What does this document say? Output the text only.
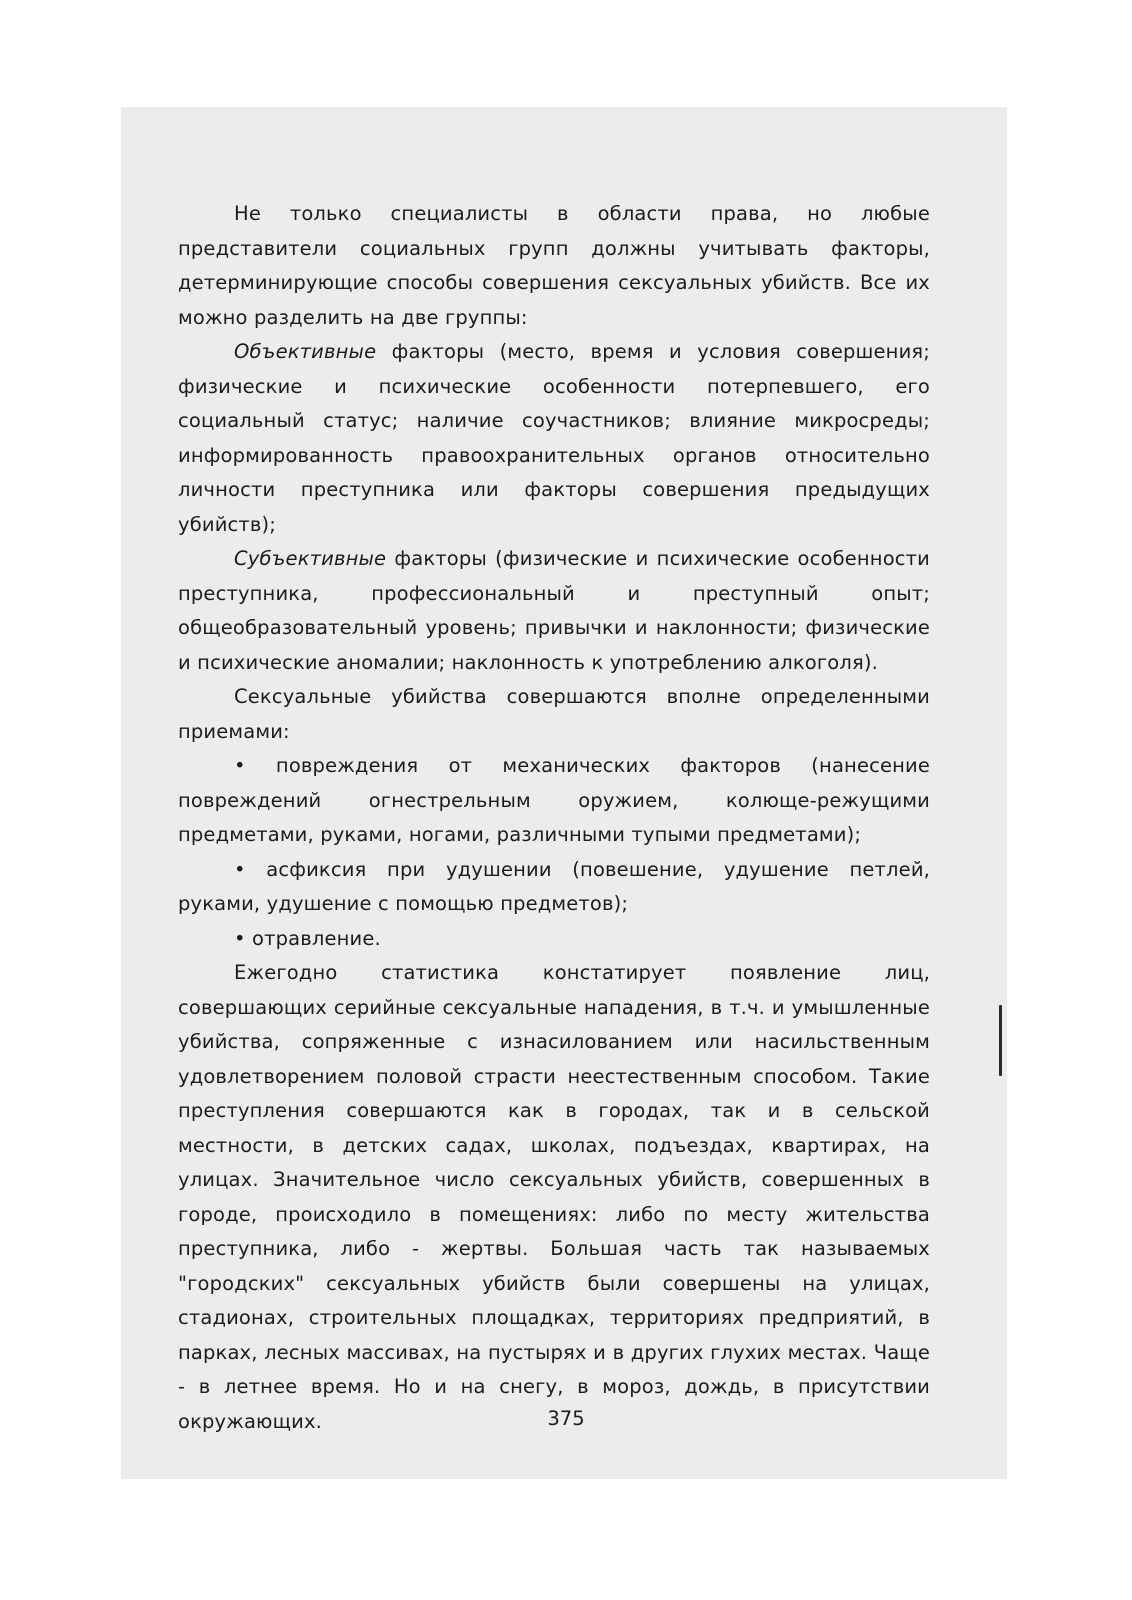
Не только специалисты в области права, но любые представители социальных групп должны учитывать факторы, детерминирующие способы совершения сексуальных убийств. Все их можно разделить на две группы:

Объективные факторы (место, время и условия совершения; физические и психические особенности потерпевшего, его социальный статус; наличие соучастников; влияние микросреды; информированность правоохранительных органов относительно личности преступника или факторы совершения предыдущих убийств);

Субъективные факторы (физические и психические особенности преступника, профессиональный и преступный опыт; общеобразовательный уровень; привычки и наклонности; физические и психические аномалии; наклонность к употреблению алкоголя).

Сексуальные убийства совершаются вполне определенными приемами:

• повреждения от механических факторов (нанесение повреждений огнестрельным оружием, колюще-режущими предметами, руками, ногами, различными тупыми предметами);

• асфиксия при удушении (повешение, удушение петлей, руками, удушение с помощью предметов);

• отравление.

Ежегодно статистика констатирует появление лиц, совершающих серийные сексуальные нападения, в т.ч. и умышленные убийства, сопряженные с изнасилованием или насильственным удовлетворением половой страсти неестественным способом. Такие преступления совершаются как в городах, так и в сельской местности, в детских садах, школах, подъездах, квартирах, на улицах. Значительное число сексуальных убийств, совершенных в городе, происходило в помещениях: либо по месту жительства преступника, либо - жертвы. Большая часть так называемых "городских" сексуальных убийств были совершены на улицах, стадионах, строительных площадках, территориях предприятий, в парках, лесных массивах, на пустырях и в других глухих местах. Чаще - в летнее время. Но и на снегу, в мороз, дождь, в присутствии окружающих.	375
